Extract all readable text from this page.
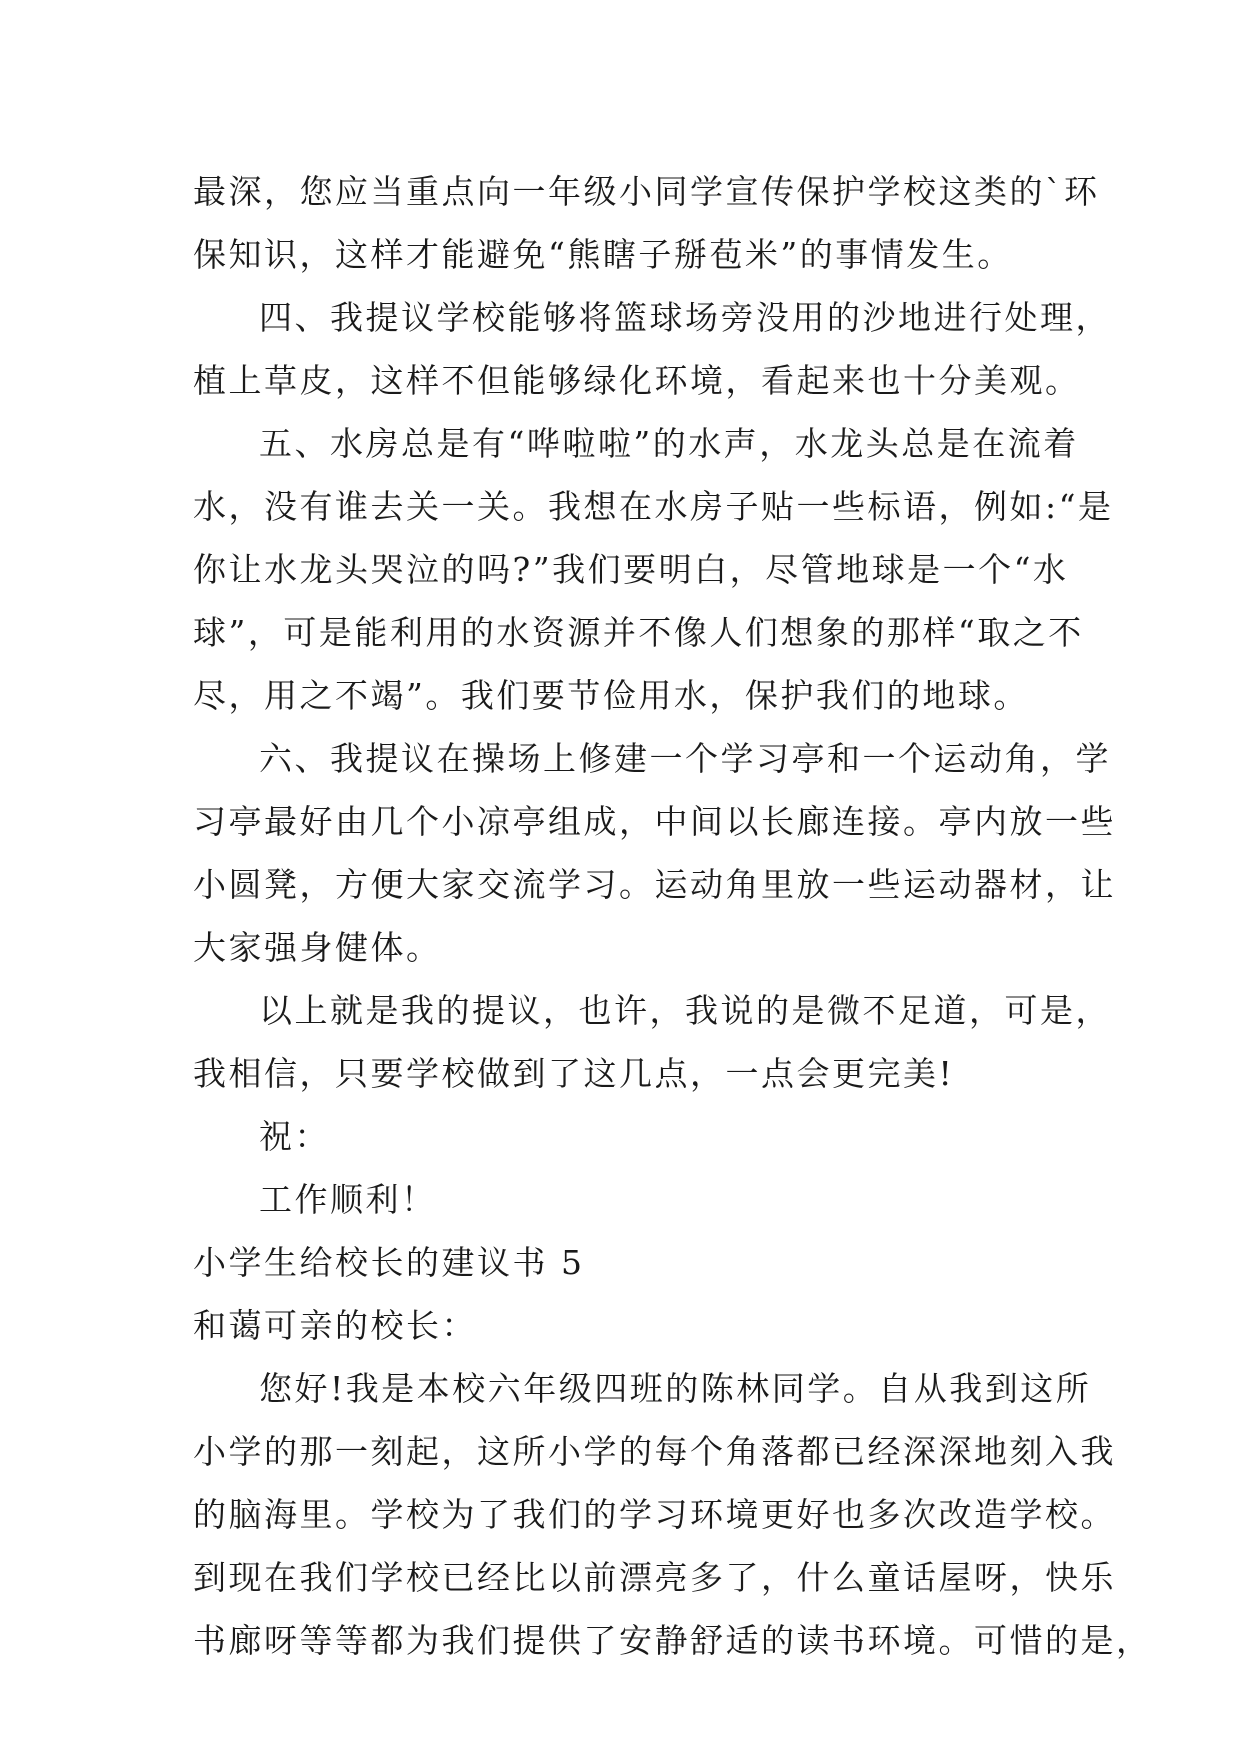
最深，您应当重点向一年级小同学宣传保护学校这类的`环

保知识，这样才能避免“熊瞎子掰苞米”的事情发生。

四、我提议学校能够将篮球场旁没用的沙地进行处理，

植上草皮，这样不但能够绿化环境，看起来也十分美观。

五、水房总是有“哗啦啦”的水声，水龙头总是在流着

水，没有谁去关一关。我想在水房子贴一些标语，例如:“是

你让水龙头哭泣的吗?”我们要明白，尽管地球是一个“水

球”，可是能利用的水资源并不像人们想象的那样“取之不

尽，用之不竭”。我们要节俭用水，保护我们的地球。

六、我提议在操场上修建一个学习亭和一个运动角，学

习亭最好由几个小凉亭组成，中间以长廊连接。亭内放一些

小圆凳，方便大家交流学习。运动角里放一些运动器材，让

大家强身健体。

以上就是我的提议，也许，我说的是微不足道，可是，

我相信，只要学校做到了这几点，一点会更完美!

祝：

工作顺利！

小学生给校长的建议书 5

和蔼可亲的校长：

您好!我是本校六年级四班的陈林同学。自从我到这所

小学的那一刻起，这所小学的每个角落都已经深深地刻入我

的脑海里。学校为了我们的学习环境更好也多次改造学校。

到现在我们学校已经比以前漂亮多了，什么童话屋呀，快乐

书廊呀等等都为我们提供了安静舒适的读书环境。可惜的是，
